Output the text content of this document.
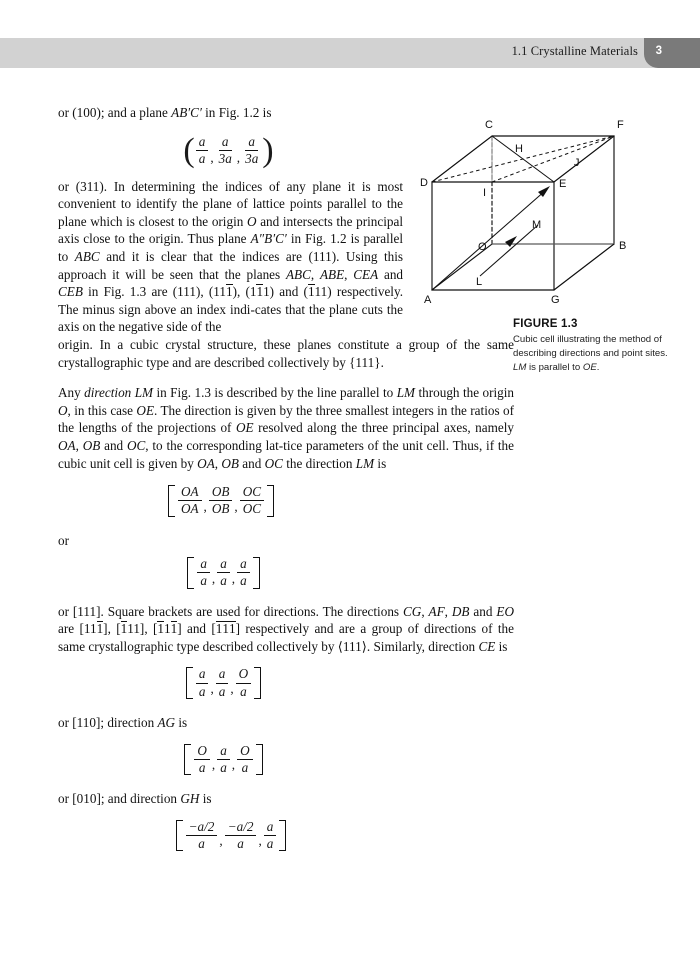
1.1 Crystalline Materials 3

or (100); and a plane AB′C′ in Fig. 1.2 is

( $\frac{a}{a}$ , $\frac{a}{3a}$ , $\frac{a}{3a}$ )

or (311). In determining the indices of any plane it is most convenient to identify the plane of lattice points parallel to the plane which is closest to the origin O and intersects the principal axis close to the origin. Thus plane A″B′C′ in Fig. 1.2 is parallel to ABC and it is clear that the indices are (111). Using this approach it will be seen that the planes ABC, ABE, CEA and CEB in Fig. 1.3 are (111), (111), (111) and (111) respectively. The minus sign above an index indi-cates that the plane cuts the axis on the negative side of the

origin. In a cubic crystal structure, these planes constitute a group of the same crystallographic type and are described collectively by {111}.

Any direction LM in Fig. 1.3 is described by the line parallel to LM through the origin O, in this case OE. The direction is given by the three smallest integers in the ratios of the lengths of the projections of OE resolved along the three principal axes, namely OA, OB and OC, to the corresponding lat-tice parameters of the unit cell. Thus, if the cubic unit cell is given by OA, OB and OC the direction LM is

$\frac{OA}{OA}$ , $\frac{OB}{OB}$ , $\frac{OC}{OC}$

or

$\frac{a}{a}$ , $\frac{a}{a}$ , $\frac{a}{a}$

or [111]. Square brackets are used for directions. The directions CG, AF, DB and EO are [111], [111], [111] and [111] respectively and are a group of directions of the same crystallographic type described collectively by ⟨111⟩. Similarly, direction CE is

$\frac{a}{a}$ , $\frac{a}{a}$ , $\frac{O}{a}$

or [110]; direction AG is

$\frac{O}{a}$ , $\frac{a}{a}$ , $\frac{O}{a}$

or [010]; and direction GH is

$\frac{-a/2}{a}$ , $\frac{-a/2}{a}$ , $\frac{a}{a}$
A
B
C
D	E
F
G
H
I
J
L
M
O

FIGURE 1.3

Cubic cell illustrating the method of describing directions and point sites. LM is parallel to OE.
